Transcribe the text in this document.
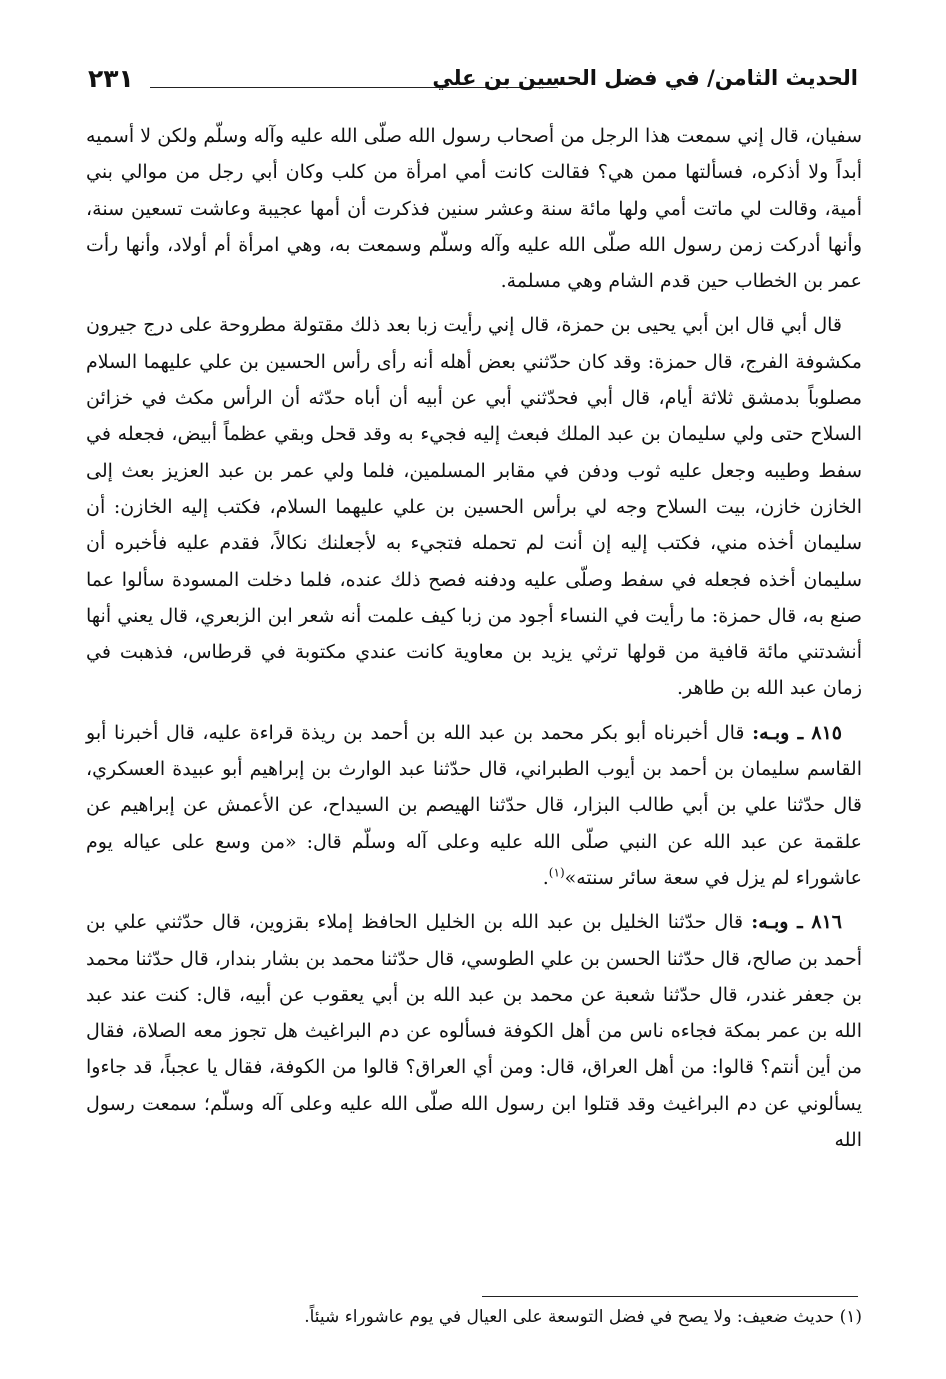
٢٣١	الحديث الثامن/ في فضل الحسين بن علي

سفيان، قال إني سمعت هذا الرجل من أصحاب رسول الله صلّى الله عليه وآله وسلّم ولكن لا أسميه أبداً ولا أذكره، فسألتها ممن هي؟ فقالت كانت أمي امرأة من كلب وكان أبي رجل من موالي بني أمية، وقالت لي ماتت أمي ولها مائة سنة وعشر سنين فذكرت أن أمها عجيبة وعاشت تسعين سنة، وأنها أدركت زمن رسول الله صلّى الله عليه وآله وسلّم وسمعت به، وهي امرأة أم أولاد، وأنها رأت عمر بن الخطاب حين قدم الشام وهي مسلمة.

قال أبي قال ابن أبي يحيى بن حمزة، قال إني رأيت زبا بعد ذلك مقتولة مطروحة على درج جيرون مكشوفة الفرج، قال حمزة: وقد كان حدّثني بعض أهله أنه رأى رأس الحسين بن علي عليهما السلام مصلوباً بدمشق ثلاثة أيام، قال أبي فحدّثني أبي عن أبيه أن أباه حدّثه أن الرأس مكث في خزائن السلاح حتى ولي سليمان بن عبد الملك فبعث إليه فجيء به وقد قحل وبقي عظماً أبيض، فجعله في سفط وطيبه وجعل عليه ثوب ودفن في مقابر المسلمين، فلما ولي عمر بن عبد العزيز بعث إلى الخازن خازن، بيت السلاح وجه لي برأس الحسين بن علي عليهما السلام، فكتب إليه الخازن: أن سليمان أخذه مني، فكتب إليه إن أنت لم تحمله فتجيء به لأجعلنك نكالاً، فقدم عليه فأخبره أن سليمان أخذه فجعله في سفط وصلّى عليه ودفنه فصح ذلك عنده، فلما دخلت المسودة سألوا عما صنع به، قال حمزة: ما رأيت في النساء أجود من زبا كيف علمت أنه شعر ابن الزبعري، قال يعني أنها أنشدتني مائة قافية من قولها ترثي يزيد بن معاوية كانت عندي مكتوبة في قرطاس، فذهبت في زمان عبد الله بن طاهر.

٨١٥ ـ وبـه: قال أخبرناه أبو بكر محمد بن عبد الله بن أحمد بن ريذة قراءة عليه، قال أخبرنا أبو القاسم سليمان بن أحمد بن أيوب الطبراني، قال حدّثنا عبد الوارث بن إبراهيم أبو عبيدة العسكري، قال حدّثنا علي بن أبي طالب البزار، قال حدّثنا الهيصم بن السيداح، عن الأعمش عن إبراهيم عن علقمة عن عبد الله عن النبي صلّى الله عليه وعلى آله وسلّم قال: «من وسع على عياله يوم عاشوراء لم يزل في سعة سائر سنته»$^{(١)}$.

٨١٦ ـ وبـه: قال حدّثنا الخليل بن عبد الله بن الخليل الحافظ إملاء بقزوين، قال حدّثني علي بن أحمد بن صالح، قال حدّثنا الحسن بن علي الطوسي، قال حدّثنا محمد بن بشار بندار، قال حدّثنا محمد بن جعفر غندر، قال حدّثنا شعبة عن محمد بن عبد الله بن أبي يعقوب عن أبيه، قال: كنت عند عبد الله بن عمر بمكة فجاءه ناس من أهل الكوفة فسألوه عن دم البراغيث هل تجوز معه الصلاة، فقال من أين أنتم؟ قالوا: من أهل العراق، قال: ومن أي العراق؟ قالوا من الكوفة، فقال يا عجباً، قد جاءوا يسألوني عن دم البراغيث وقد قتلوا ابن رسول الله صلّى الله عليه وعلى آله وسلّم؛ سمعت رسول الله

(١) حديث ضعيف: ولا يصح في فضل التوسعة على العيال في يوم عاشوراء شيئاً.
